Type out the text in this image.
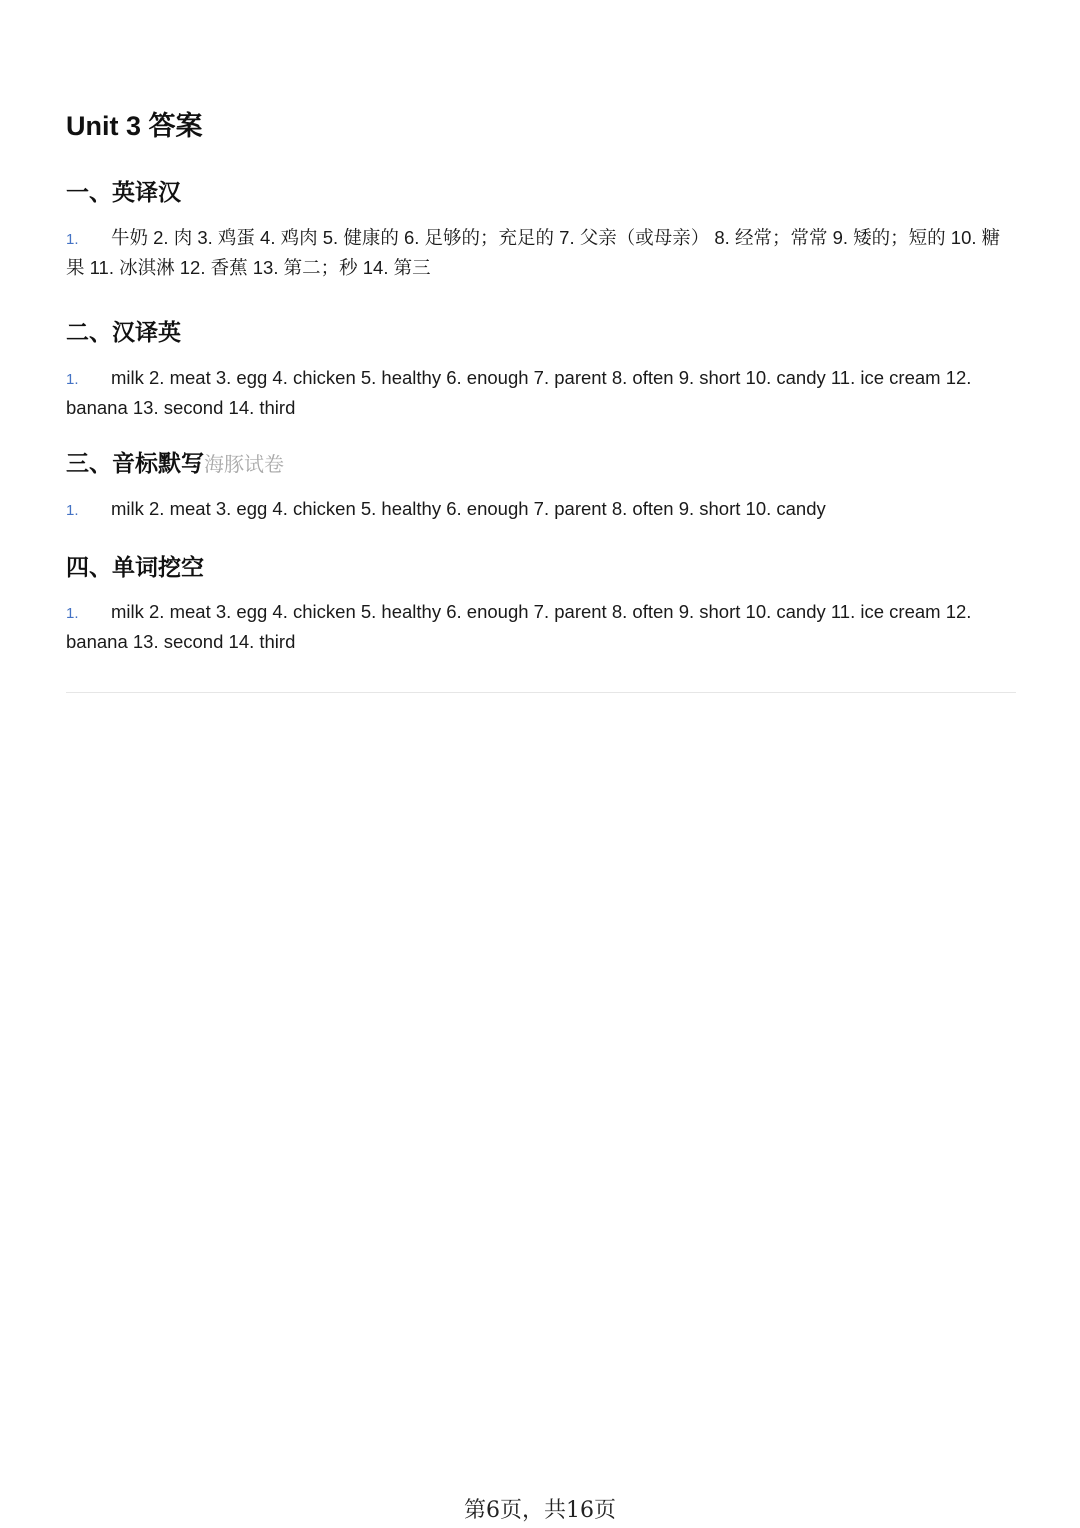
Unit 3 答案
一、英译汉
1. 牛奶 2. 肉 3. 鸡蛋 4. 鸡肉 5. 健康的 6. 足够的；充足的 7. 父亲（或母亲） 8. 经常；常常 9. 矮的；短的 10. 糖果 11. 冰淇淋 12. 香蕉 13. 第二；秒 14. 第三
二、汉译英
1. milk 2. meat 3. egg 4. chicken 5. healthy 6. enough 7. parent 8. often 9. short 10. candy 11. ice cream 12. banana 13. second 14. third
三、音标默写海豚试卷
1. milk 2. meat 3. egg 4. chicken 5. healthy 6. enough 7. parent 8. often 9. short 10. candy
四、单词挖空
1. milk 2. meat 3. egg 4. chicken 5. healthy 6. enough 7. parent 8. often 9. short 10. candy 11. ice cream 12. banana 13. second 14. third
第6页，共16页
